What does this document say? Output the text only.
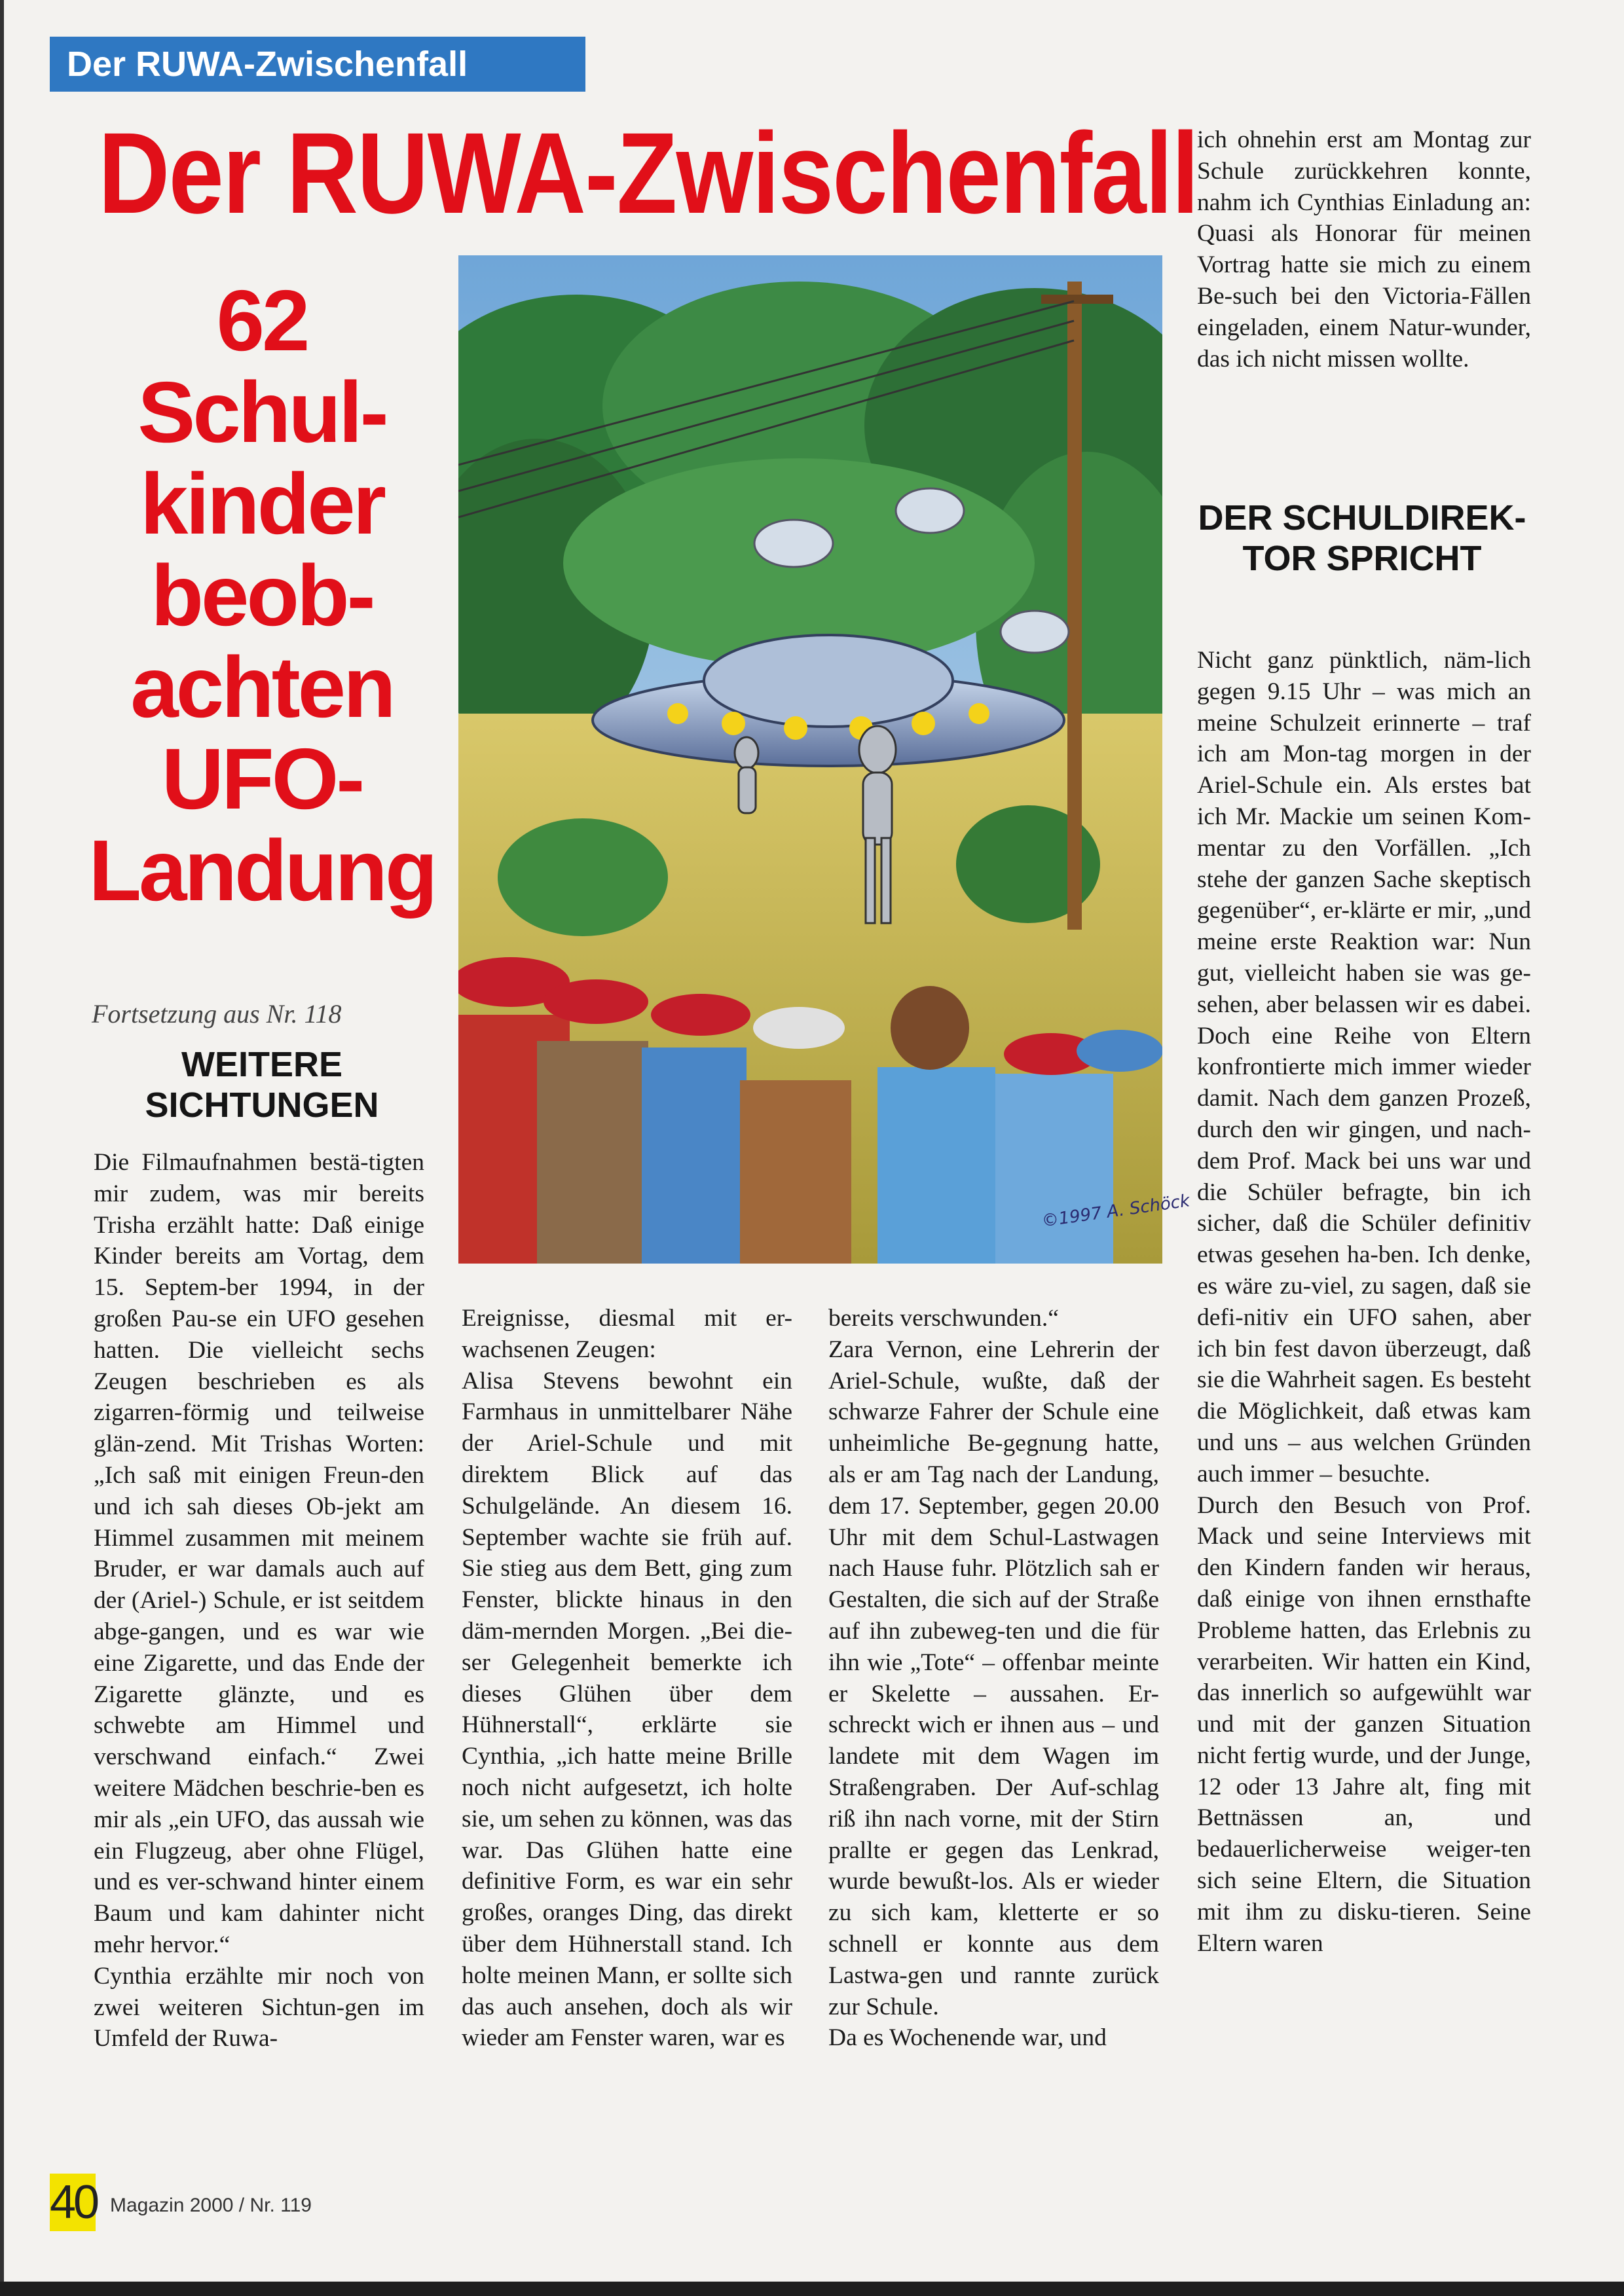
Der RUWA-Zwischenfall
Der RUWA-Zwischenfall
62
Schul-
kinder
beob-
achten
UFO-
Landung
Fortsetzung aus Nr. 118
WEITERE SICHTUNGEN

Die Filmaufnahmen bestä-tigten mir zudem, was mir bereits Trisha erzählt hatte: Daß einige Kinder bereits am Vortag, dem 15. Septem-ber 1994, in der großen Pau-se ein UFO gesehen hatten. Die vielleicht sechs Zeugen beschrieben es als zigarren-förmig und teilweise glän-zend. Mit Trishas Worten: „Ich saß mit einigen Freun-den und ich sah dieses Ob-jekt am Himmel zusammen mit meinem Bruder, er war damals auch auf der (Ariel-) Schule, er ist seitdem abge-gangen, und es war wie eine Zigarette, und das Ende der Zigarette glänzte, und es schwebte am Himmel und verschwand einfach.“ Zwei weitere Mädchen beschrie-ben es mir als „ein UFO, das aussah wie ein Flugzeug, aber ohne Flügel, und es ver-schwand hinter einem Baum und kam dahinter nicht mehr hervor.“

Cynthia erzählte mir noch von zwei weiteren Sichtun-gen im Umfeld der Ruwa-

©1997 A. Schöck

Ereignisse, diesmal mit er-wachsenen Zeugen:

Alisa Stevens bewohnt ein Farmhaus in unmittelbarer Nähe der Ariel-Schule und mit direktem Blick auf das Schulgelände. An diesem 16. September wachte sie früh auf. Sie stieg aus dem Bett, ging zum Fenster, blickte hinaus in den däm-mernden Morgen. „Bei die-ser Gelegenheit bemerkte ich dieses Glühen über dem Hühnerstall“, erklärte sie Cynthia, „ich hatte meine Brille noch nicht aufgesetzt, ich holte sie, um sehen zu können, was das war. Das Glühen hatte eine definitive Form, es war ein sehr großes, oranges Ding, das direkt über dem Hühnerstall stand. Ich holte meinen Mann, er sollte sich das auch ansehen, doch als wir wieder am Fenster waren, war es

bereits verschwunden.“

Zara Vernon, eine Lehrerin der Ariel-Schule, wußte, daß der schwarze Fahrer der Schule eine unheimliche Be-gegnung hatte, als er am Tag nach der Landung, dem 17. September, gegen 20.00 Uhr mit dem Schul-Lastwagen nach Hause fuhr. Plötzlich sah er Gestalten, die sich auf der Straße auf ihn zubeweg-ten und die für ihn wie „Tote“ – offenbar meinte er Skelette – aussahen. Er-schreckt wich er ihnen aus – und landete mit dem Wagen im Straßengraben. Der Auf-schlag riß ihn nach vorne, mit der Stirn prallte er gegen das Lenkrad, wurde bewußt-los. Als er wieder zu sich kam, kletterte er so schnell er konnte aus dem Lastwa-gen und rannte zurück zur Schule.

Da es Wochenende war, und

ich ohnehin erst am Montag zur Schule zurückkehren konnte, nahm ich Cynthias Einladung an: Quasi als Honorar für meinen Vortrag hatte sie mich zu einem Be-such bei den Victoria-Fällen eingeladen, einem Natur-wunder, das ich nicht missen wollte.

DER SCHULDIREK- TOR SPRICHT

Nicht ganz pünktlich, näm-lich gegen 9.15 Uhr – was mich an meine Schulzeit erinnerte – traf ich am Mon-tag morgen in der Ariel-Schule ein. Als erstes bat ich Mr. Mackie um seinen Kom-mentar zu den Vorfällen. „Ich stehe der ganzen Sache skeptisch gegenüber“, er-klärte er mir, „und meine erste Reaktion war: Nun gut, vielleicht haben sie was ge-sehen, aber belassen wir es dabei. Doch eine Reihe von Eltern konfrontierte mich immer wieder damit. Nach dem ganzen Prozeß, durch den wir gingen, und nach-dem Prof. Mack bei uns war und die Schüler befragte, bin ich sicher, daß die Schüler definitiv etwas gesehen ha-ben. Ich denke, es wäre zu-viel, zu sagen, daß sie defi-nitiv ein UFO sahen, aber ich bin fest davon überzeugt, daß sie die Wahrheit sagen. Es besteht die Möglichkeit, daß etwas kam und uns – aus welchen Gründen auch immer – besuchte.

Durch den Besuch von Prof. Mack und seine Interviews mit den Kindern fanden wir heraus, daß einige von ihnen ernsthafte Probleme hatten, das Erlebnis zu verarbeiten. Wir hatten ein Kind, das innerlich so aufgewühlt war und mit der ganzen Situation nicht fertig wurde, und der Junge, 12 oder 13 Jahre alt, fing mit Bettnässen an, und bedauerlicherweise weiger-ten sich seine Eltern, die Situation mit ihm zu disku-tieren. Seine Eltern waren

40 Magazin 2000 / Nr. 119
